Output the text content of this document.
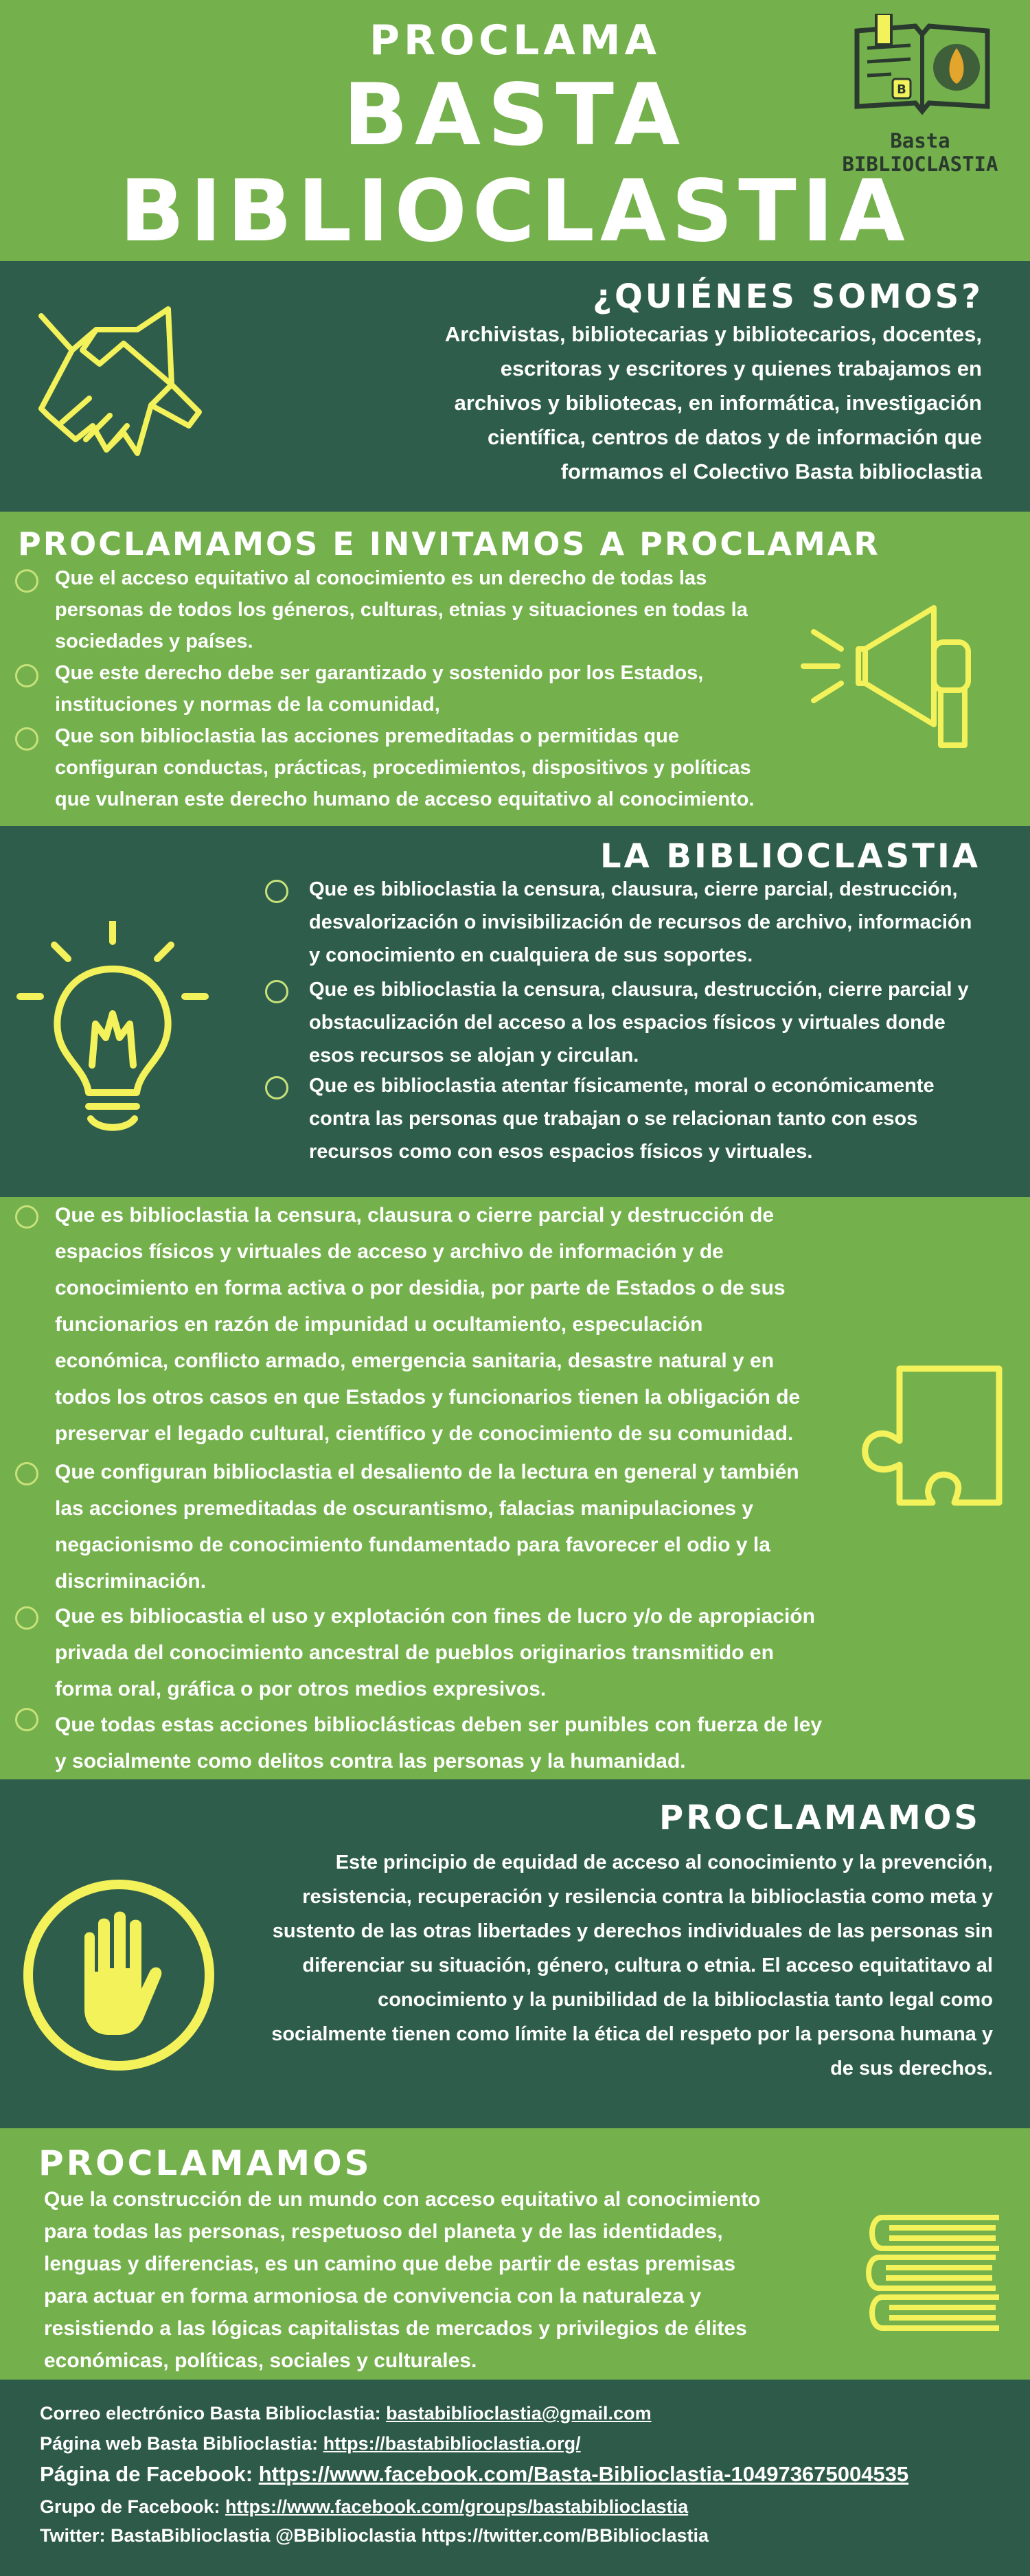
PROCLAMA
BASTA
BIBLIOCLASTIA
B
Basta BIBLIOCLASTIA
¿QUIÉNES SOMOS?
Archivistas, bibliotecarias y bibliotecarios, docentes,
escritoras y escritores y quienes trabajamos en
archivos y bibliotecas, en informática, investigación
científica, centros de datos y de información que
formamos el Colectivo Basta biblioclastia
PROCLAMAMOS E INVITAMOS A PROCLAMAR
Que el acceso equitativo al conocimiento es un derecho de todas las
personas de todos los géneros, culturas, etnias y situaciones en todas la
sociedades y países.
Que este derecho debe ser garantizado y sostenido por los Estados,
instituciones y normas de la comunidad,
Que son biblioclastia las acciones premeditadas o permitidas que
configuran conductas, prácticas, procedimientos, dispositivos y políticas
que vulneran este derecho humano de acceso equitativo al conocimiento.
LA BIBLIOCLASTIA
Que es biblioclastia la censura, clausura, cierre parcial, destrucción,
desvalorización o invisibilización de recursos de archivo, información
y conocimiento en cualquiera de sus soportes.
Que es biblioclastia la censura, clausura, destrucción, cierre parcial y
obstaculización del acceso a los espacios físicos y virtuales donde
esos recursos se alojan y circulan.
Que es biblioclastia atentar físicamente, moral o económicamente
contra las personas que trabajan o se relacionan tanto con esos
recursos como con esos espacios físicos y virtuales.
Que es biblioclastia la censura, clausura o cierre parcial y destrucción de
espacios físicos y virtuales de acceso y archivo de información y de
conocimiento en forma activa o por desidia, por parte de Estados o de sus
funcionarios en razón de impunidad u ocultamiento, especulación
económica, conflicto armado, emergencia sanitaria, desastre natural y en
todos los otros casos en que Estados y funcionarios tienen la obligación de
preservar el legado cultural, científico y de conocimiento de su comunidad.
Que configuran biblioclastia el desaliento de la lectura en general y también
las acciones premeditadas de oscurantismo, falacias manipulaciones y
negacionismo de conocimiento fundamentado para favorecer el odio y la
discriminación.
Que es bibliocastia el uso y explotación con fines de lucro y/o de apropiación
privada del conocimiento ancestral de pueblos originarios transmitido en
forma oral, gráfica o por otros medios expresivos.
Que todas estas acciones biblioclásticas deben ser punibles con fuerza de ley
y socialmente como delitos contra las personas y la humanidad.
PROCLAMAMOS
Este principio de equidad de acceso al conocimiento y la prevención,
resistencia, recuperación y resilencia contra la biblioclastia como meta y
sustento de las otras libertades y derechos individuales de las personas sin
diferenciar su situación, género, cultura o etnia. El acceso equitatitavo al
conocimiento y la punibilidad de la biblioclastia tanto legal como
socialmente tienen como límite la ética del respeto por la persona humana y
de sus derechos.
PROCLAMAMOS
Que la construcción de un mundo con acceso equitativo al conocimiento
para todas las personas, respetuoso del planeta y de las identidades,
lenguas y diferencias, es un camino que debe partir de estas premisas
para actuar en forma armoniosa de convivencia con la naturaleza y
resistiendo a las lógicas capitalistas de mercados y privilegios de élites
económicas, políticas, sociales y culturales.
Correo electrónico Basta Biblioclastia: bastabiblioclastia@gmail.com
Página web Basta Biblioclastia: https://bastabiblioclastia.org/
Página de Facebook: https://www.facebook.com/Basta-Biblioclastia-104973675004535
Grupo de Facebook: https://www.facebook.com/groups/bastabiblioclastia
Twitter: BastaBiblioclastia @BBiblioclastia https://twitter.com/BBiblioclastia
